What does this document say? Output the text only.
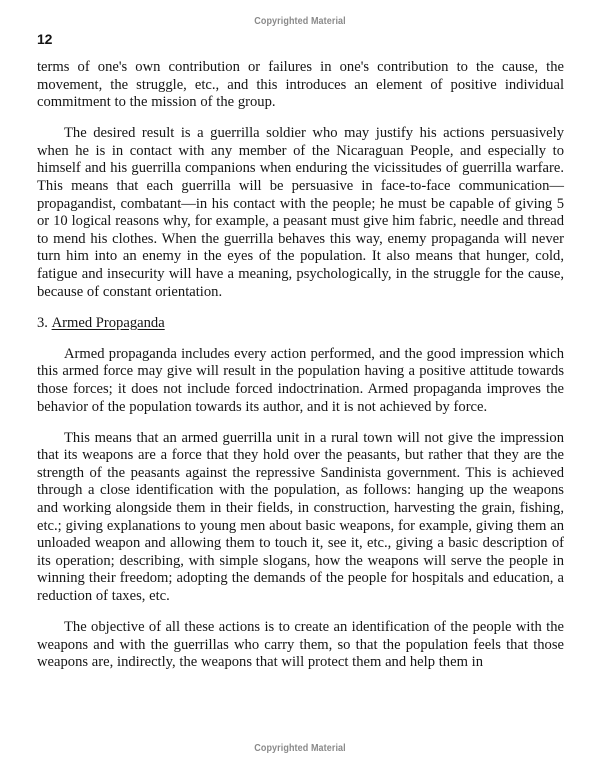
Copyrighted Material
12

terms of one's own contribution or failures in one's contribution to the cause, the movement, the struggle, etc., and this introduces an element of positive individual commitment to the mission of the group.

The desired result is a guerrilla soldier who may justify his actions persuasively when he is in contact with any member of the Nicaraguan People, and especially to himself and his guerrilla companions when enduring the vicissitudes of guerrilla warfare. This means that each guerrilla will be persuasive in face-to-face communication—propagandist, combatant—in his contact with the people; he must be capable of giving 5 or 10 logical reasons why, for example, a peasant must give him fabric, needle and thread to mend his clothes. When the guerrilla behaves this way, enemy propaganda will never turn him into an enemy in the eyes of the population. It also means that hunger, cold, fatigue and insecurity will have a meaning, psychologically, in the struggle for the cause, because of constant orientation.

3. Armed Propaganda

Armed propaganda includes every action performed, and the good impression which this armed force may give will result in the population having a positive attitude towards those forces; it does not include forced indoctrination. Armed propaganda improves the behavior of the population towards its author, and it is not achieved by force.

This means that an armed guerrilla unit in a rural town will not give the impression that its weapons are a force that they hold over the peasants, but rather that they are the strength of the peasants against the repressive Sandinista government. This is achieved through a close identification with the population, as follows: hanging up the weapons and working alongside them in their fields, in construction, harvesting the grain, fishing, etc.; giving explanations to young men about basic weapons, for example, giving them an unloaded weapon and allowing them to touch it, see it, etc., giving a basic description of its operation; describing, with simple slogans, how the weapons will serve the people in winning their freedom; adopting the demands of the people for hospitals and education, a reduction of taxes, etc.

The objective of all these actions is to create an identification of the people with the weapons and with the guerrillas who carry them, so that the population feels that those weapons are, indirectly, the weapons that will protect them and help them in

Copyrighted Material
